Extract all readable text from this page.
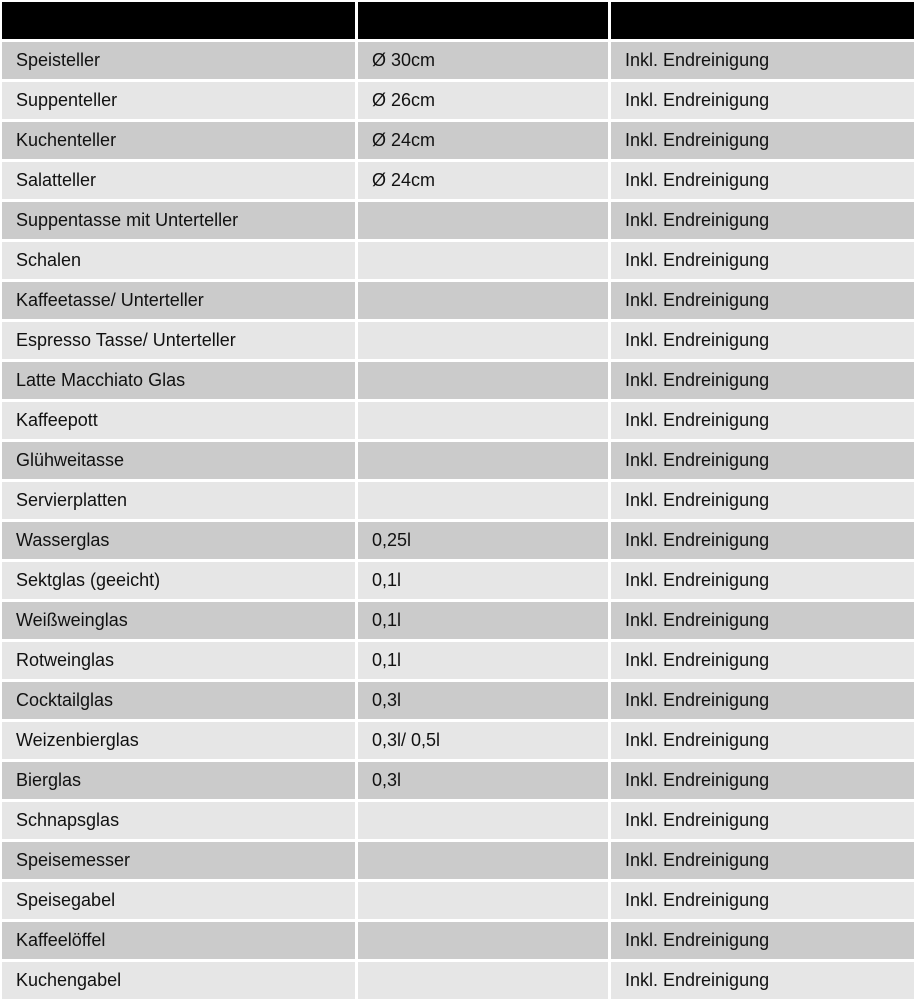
Speisteller	Ø 30cm	Inkl. Endreinigung
Suppenteller	Ø 26cm	Inkl. Endreinigung
Kuchenteller	Ø 24cm	Inkl. Endreinigung
Salatteller	Ø 24cm	Inkl. Endreinigung
Suppentasse mit Unterteller		Inkl. Endreinigung
Schalen		Inkl. Endreinigung
Kaffeetasse/ Unterteller		Inkl. Endreinigung
Espresso Tasse/ Unterteller		Inkl. Endreinigung
Latte Macchiato Glas		Inkl. Endreinigung
Kaffeepott		Inkl. Endreinigung
Glühweitasse		Inkl. Endreinigung
Servierplatten		Inkl. Endreinigung
Wasserglas	0,25l	Inkl. Endreinigung
Sektglas (geeicht)	0,1l	Inkl. Endreinigung
Weißweinglas	0,1l	Inkl. Endreinigung
Rotweinglas	0,1l	Inkl. Endreinigung
Cocktailglas	0,3l	Inkl. Endreinigung
Weizenbierglas	0,3l/ 0,5l	Inkl. Endreinigung
Bierglas	0,3l	Inkl. Endreinigung
Schnapsglas		Inkl. Endreinigung
Speisemesser		Inkl. Endreinigung
Speisegabel		Inkl. Endreinigung
Kaffeelöffel		Inkl. Endreinigung
Kuchengabel		Inkl. Endreinigung
